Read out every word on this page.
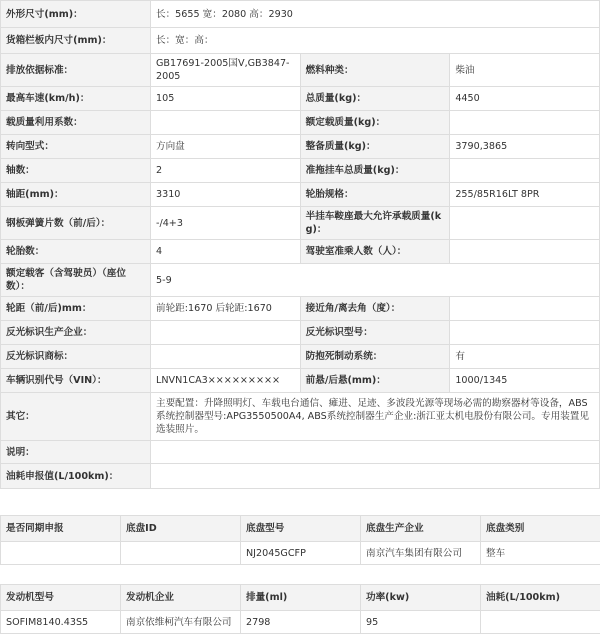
外形尺寸(mm)：	长：5655 宽：2080 高：2930		
货箱栏板内尺寸(mm)：	长：宽：高：		
排放依据标准：	GB17691-2005国Ⅴ,GB3847-2005	燃料种类：	柴油
最高车速(km/h)：	105	总质量(kg)：	4450
载质量利用系数：		额定载质量(kg)：	
转向型式：	方向盘	整备质量(kg)：	3790,3865
轴数：	2	准拖挂车总质量(kg)：	
轴距(mm)：	3310	轮胎规格：	255/85R16LT 8PR
钢板弹簧片数（前/后）：	-/4+3	半挂车鞍座最大允许承载质量(kg)：	
轮胎数：	4	驾驶室准乘人数（人）：	
额定载客（含驾驶员）（座位数）：	5-9		
轮距（前/后)mm：	前轮距:1670 后轮距:1670	接近角/离去角（度）：	
反光标识生产企业：		反光标识型号：	
反光标识商标：		防抱死制动系统：	有
车辆识别代号（VIN）：	LNVN1CA3×××××××××	前悬/后悬(mm)：	1000/1345
其它：	主要配置：升降照明灯、车载电台通信、瘫进、足迹、多波段光源等现场必需的勘察器材等设备，ABS系统控制器型号:APG3550500A4, ABS系统控制器生产企业:浙江亚太机电股份有限公司。专用装置见选装照片。		
说明：			
油耗申报值(L/100km)：			
是否同期申报	底盘ID	底盘型号	底盘生产企业	底盘类别
		NJ2045GCFP	南京汽车集团有限公司	整车
发动机型号	发动机企业	排量(ml)	功率(kw)	油耗(L/100km)
SOFIM8140.43S5	南京依维柯汽车有限公司	2798	95	
